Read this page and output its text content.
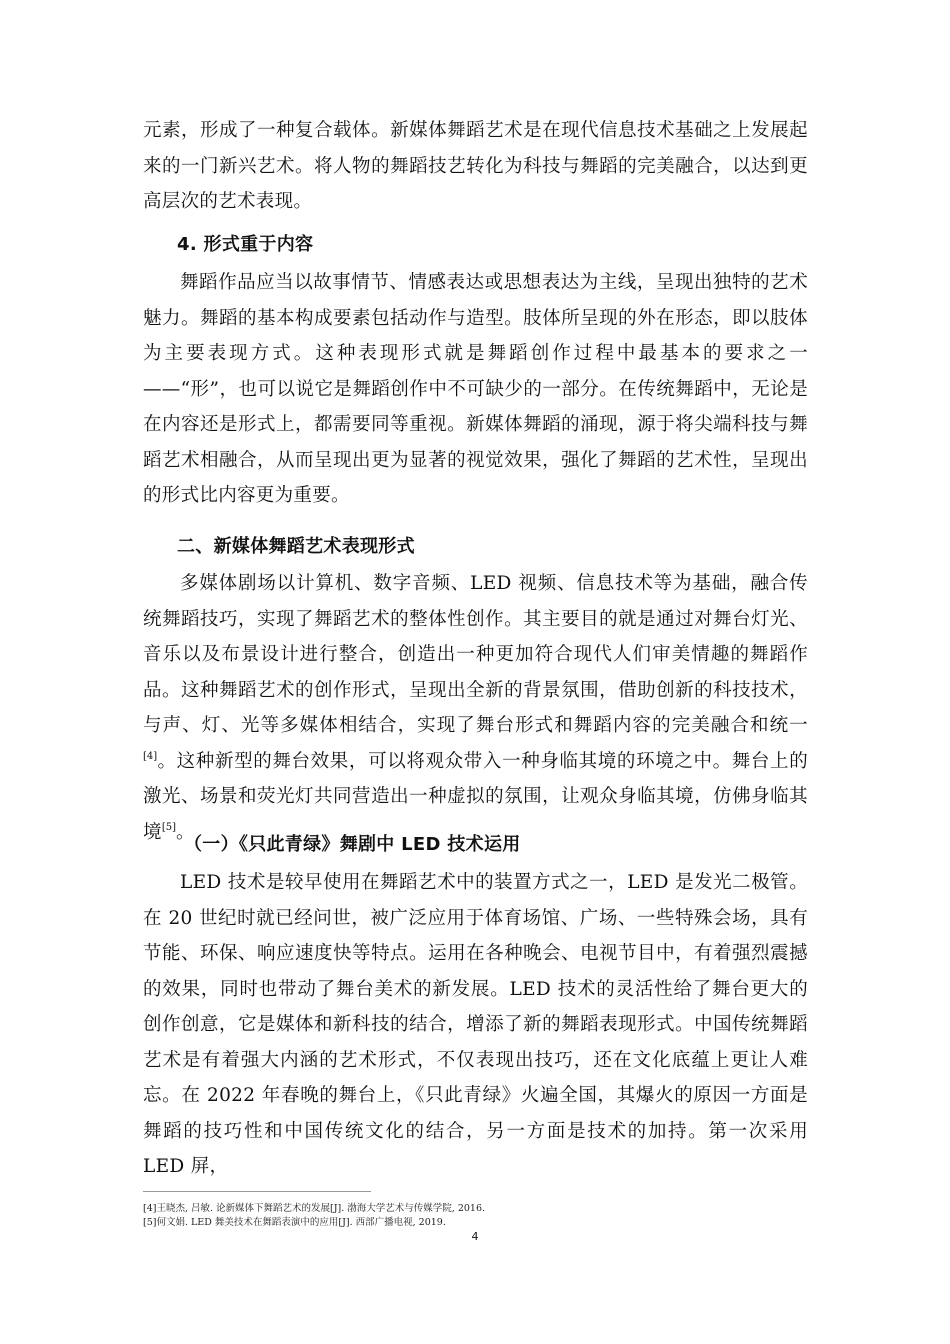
元素，形成了一种复合载体。新媒体舞蹈艺术是在现代信息技术基础之上发展起来的一门新兴艺术。将人物的舞蹈技艺转化为科技与舞蹈的完美融合，以达到更高层次的艺术表现。
4. 形式重于内容
舞蹈作品应当以故事情节、情感表达或思想表达为主线，呈现出独特的艺术魅力。舞蹈的基本构成要素包括动作与造型。肢体所呈现的外在形态，即以肢体为主要表现方式。这种表现形式就是舞蹈创作过程中最基本的要求之一——“形”，也可以说它是舞蹈创作中不可缺少的一部分。在传统舞蹈中，无论是在内容还是形式上，都需要同等重视。新媒体舞蹈的涌现，源于将尖端科技与舞蹈艺术相融合，从而呈现出更为显著的视觉效果，强化了舞蹈的艺术性，呈现出的形式比内容更为重要。
二、新媒体舞蹈艺术表现形式
多媒体剧场以计算机、数字音频、LED 视频、信息技术等为基础，融合传统舞蹈技巧，实现了舞蹈艺术的整体性创作。其主要目的就是通过对舞台灯光、音乐以及布景设计进行整合，创造出一种更加符合现代人们审美情趣的舞蹈作品。这种舞蹈艺术的创作形式，呈现出全新的背景氛围，借助创新的科技技术，与声、灯、光等多媒体相结合，实现了舞台形式和舞蹈内容的完美融合和统一[4]。这种新型的舞台效果，可以将观众带入一种身临其境的环境之中。舞台上的激光、场景和荧光灯共同营造出一种虚拟的氛围，让观众身临其境，仿佛身临其境[5]。
（一）《只此青绿》舞剧中 LED 技术运用
LED 技术是较早使用在舞蹈艺术中的装置方式之一，LED 是发光二极管。在 20 世纪时就已经问世，被广泛应用于体育场馆、广场、一些特殊会场，具有节能、环保、响应速度快等特点。运用在各种晚会、电视节目中，有着强烈震撼的效果，同时也带动了舞台美术的新发展。LED 技术的灵活性给了舞台更大的创作创意，它是媒体和新科技的结合，增添了新的舞蹈表现形式。中国传统舞蹈艺术是有着强大内涵的艺术形式，不仅表现出技巧，还在文化底蕴上更让人难忘。在 2022 年春晚的舞台上，《只此青绿》火遍全国，其爆火的原因一方面是舞蹈的技巧性和中国传统文化的结合，另一方面是技术的加持。第一次采用 LED 屏，
[4]王晓杰, 吕敏. 论新媒体下舞蹈艺术的发展[J]. 渤海大学艺术与传媒学院, 2016.
[5]何文娟. LED 舞美技术在舞蹈表演中的应用[J]. 西部广播电视, 2019.
4
